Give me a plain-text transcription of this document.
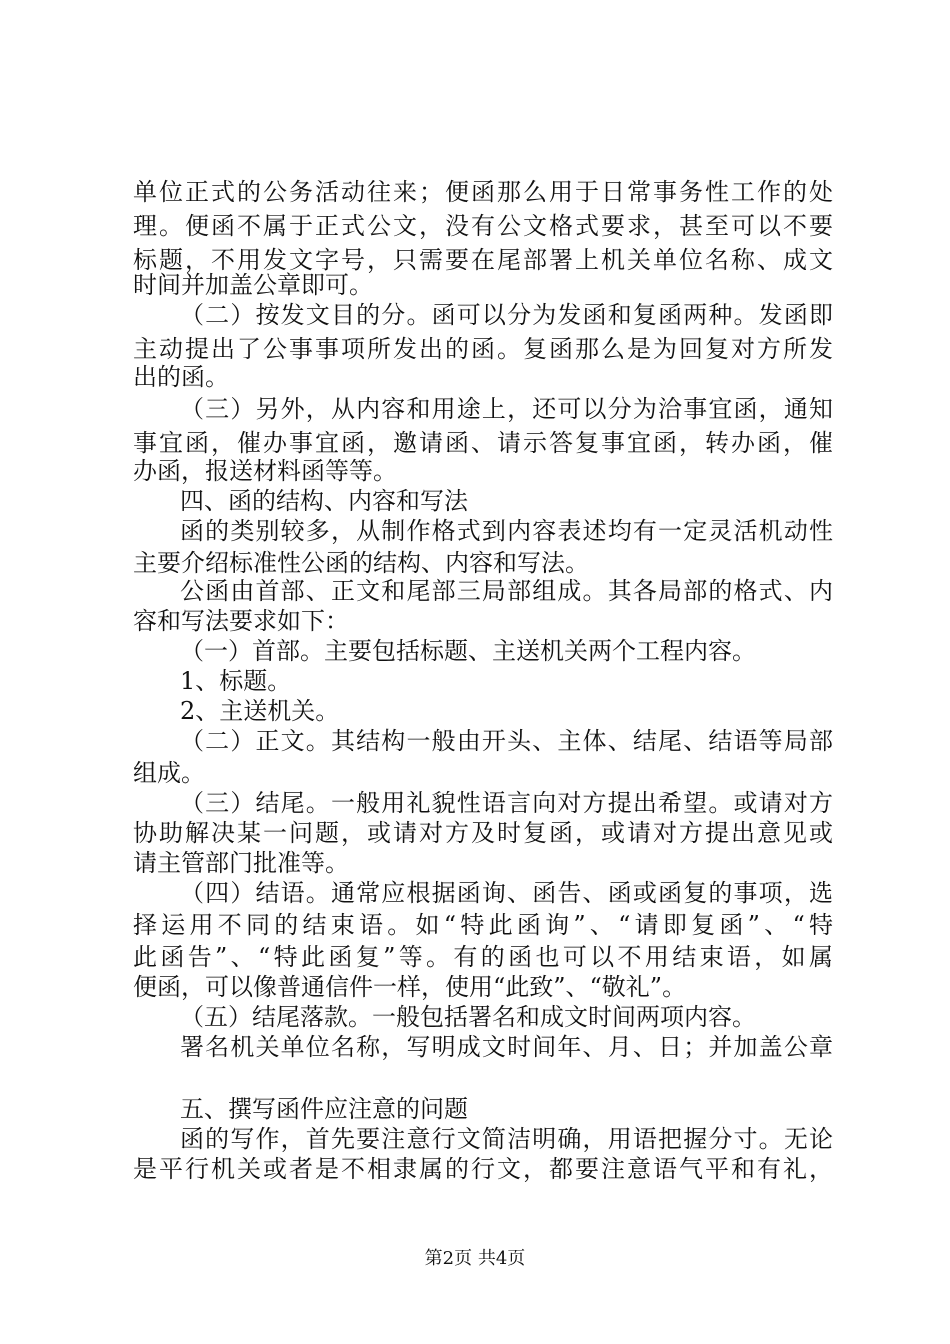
单位正式的公务活动往来；便函那么用于日常事务性工作的处
理。便函不属于正式公文，没有公文格式要求，甚至可以不要
标题，不用发文字号，只需要在尾部署上机关单位名称、成文
时间并加盖公章即可。
（二）按发文目的分。函可以分为发函和复函两种。发函即
主动提出了公事事项所发出的函。复函那么是为回复对方所发
出的函。
（三）另外，从内容和用途上，还可以分为洽事宜函，通知
事宜函，催办事宜函，邀请函、请示答复事宜函，转办函，催
办函，报送材料函等等。
四、函的结构、内容和写法
函的类别较多，从制作格式到内容表述均有一定灵活机动性
主要介绍标准性公函的结构、内容和写法。
公函由首部、正文和尾部三局部组成。其各局部的格式、内
容和写法要求如下：
（一）首部。主要包括标题、主送机关两个工程内容。
1、标题。
2、主送机关。
（二）正文。其结构一般由开头、主体、结尾、结语等局部
组成。
（三）结尾。一般用礼貌性语言向对方提出希望。或请对方
协助解决某一问题，或请对方及时复函，或请对方提出意见或
请主管部门批准等。
（四）结语。通常应根据函询、函告、函或函复的事项，选
择运用不同的结束语。如“特此函询”、“请即复函”、“特
此函告”、“特此函复”等。有的函也可以不用结束语，如属
便函，可以像普通信件一样，使用“此致”、“敬礼”。
（五）结尾落款。一般包括署名和成文时间两项内容。
署名机关单位名称，写明成文时间年、月、日；并加盖公章
五、撰写函件应注意的问题
函的写作，首先要注意行文简洁明确，用语把握分寸。无论
是平行机关或者是不相隶属的行文，都要注意语气平和有礼，
第2页 共4页
